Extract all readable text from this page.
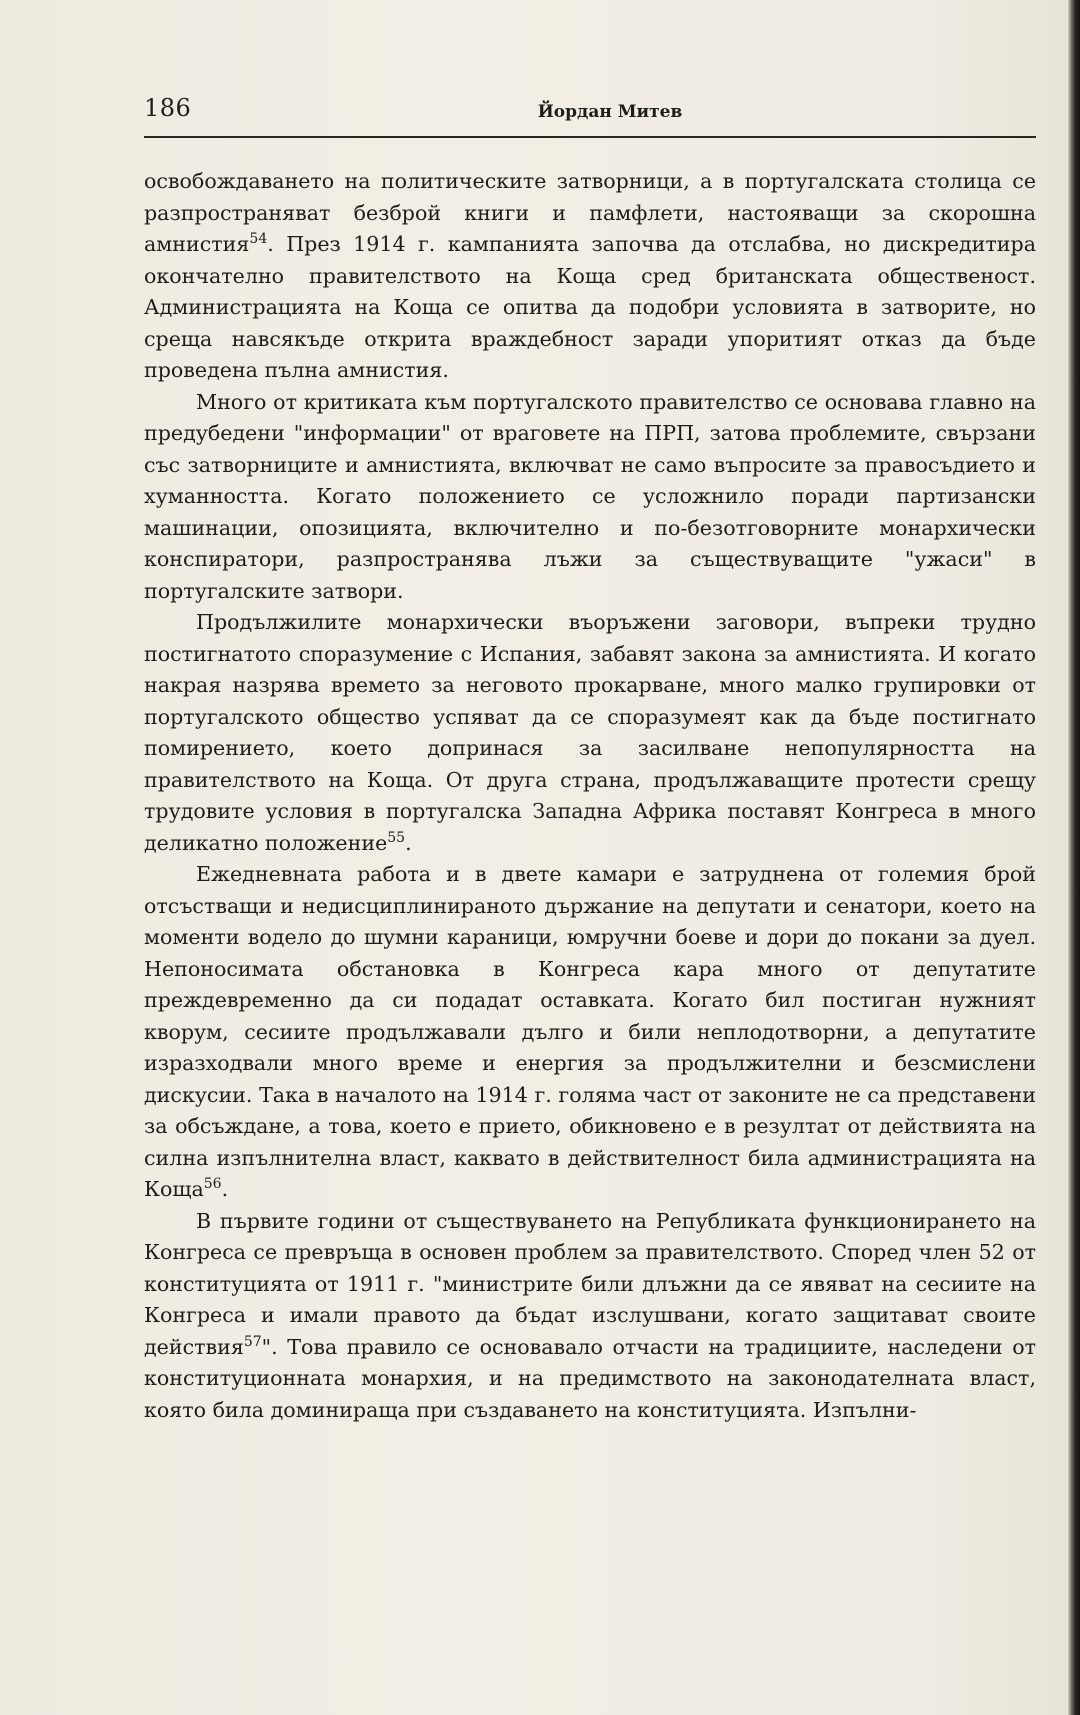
186	Йордан Митев

освобождаването на политическите затворници, а в португалската столица се разпространяват безброй книги и памфлети, настояващи за скорошна амнистия$^{54}$. През 1914 г. кампанията започва да отслабва, но дискредитира окончателно правителството на Коща сред британската общественост. Администрацията на Коща се опитва да подобри условията в затворите, но среща навсякъде открита враждебност заради упоритият отказ да бъде проведена пълна амнистия.

Много от критиката към португалското правителство се основава главно на предубедени "информации" от враговете на ПРП, затова проблемите, свързани със затворниците и амнистията, включват не само въпросите за правосъдието и хуманността. Когато положението се усложнило поради партизански машинации, опозицията, включително и по-безотговорните монархически конспиратори, разпространява лъжи за съществуващите "ужаси" в португалските затвори.

Продължилите монархически въоръжени заговори, въпреки трудно постигнатото споразумение с Испания, забавят закона за амнистията. И когато накрая назрява времето за неговото прокарване, много малко групировки от португалското общество успяват да се споразумеят как да бъде постигнато помирението, което допринася за засилване непопулярността на правителството на Коща. От друга страна, продължаващите протести срещу трудовите условия в португалска Западна Африка поставят Конгреса в много деликатно положение$^{55}$.

Ежедневната работа и в двете камари е затруднена от големия брой отсъстващи и недисциплинираното държание на депутати и сенатори, което на моменти водело до шумни караници, юмручни боеве и дори до покани за дуел. Непоносимата обстановка в Конгреса кара много от депутатите преждевременно да си подадат оставката. Когато бил постиган нужният кворум, сесиите продължавали дълго и били неплодотворни, а депутатите изразходвали много време и енергия за продължителни и безсмислени дискусии. Така в началото на 1914 г. голяма част от законите не са представени за обсъждане, а това, което е прието, обикновено е в резултат от действията на силна изпълнителна власт, каквато в действителност била администрацията на Коща$^{56}$.

В първите години от съществуването на Републиката функционирането на Конгреса се превръща в основен проблем за правителството. Според член 52 от конституцията от 1911 г. "министрите били длъжни да се явяват на сесиите на Конгреса и имали правото да бъдат изслушвани, когато защитават своите действия$^{57}$". Това правило се основавало отчасти на традициите, наследени от конституционната монархия, и на предимството на законодателната власт, която била доминираща при създаването на конституцията. Изпълни-
